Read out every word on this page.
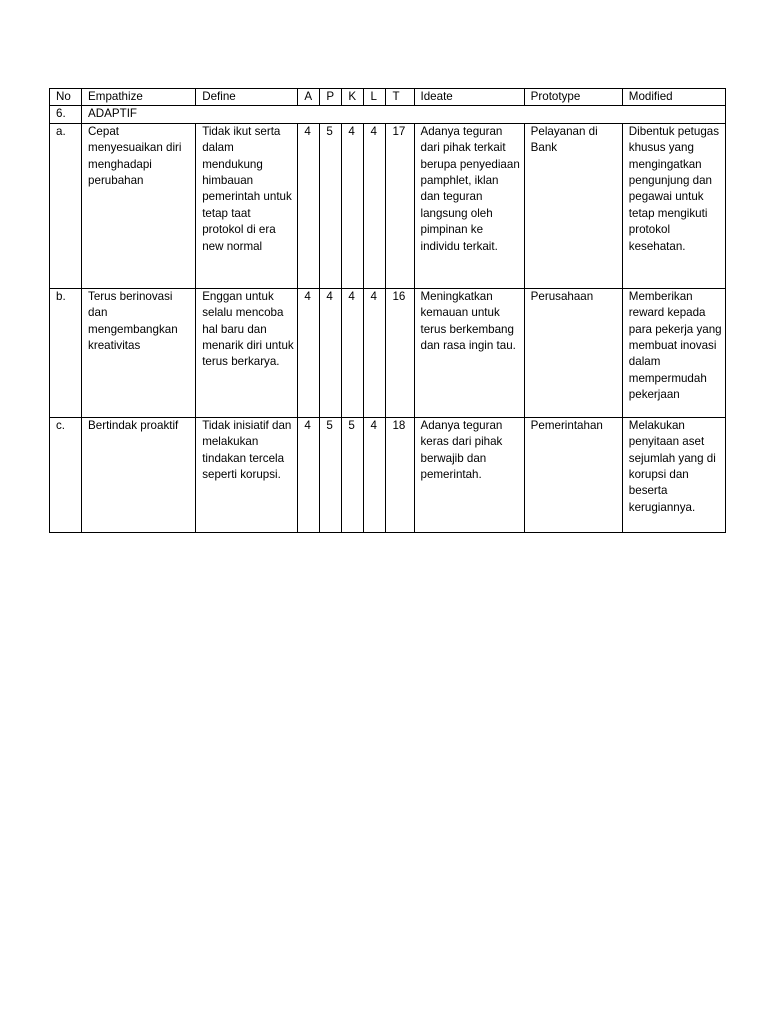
No	Empathize	Define	A	P	K	L	T	Ideate	Prototype	Modified
6.	ADAPTIF									
a.	Cepat menyesuaikan diri menghadapi perubahan	Tidak ikut serta dalam mendukung himbauan pemerintah untuk tetap taat protokol di era new normal	4	5	4	4	17	Adanya teguran dari pihak terkait berupa penyediaan pamphlet, iklan dan teguran langsung oleh pimpinan ke individu terkait.	Pelayanan di Bank	Dibentuk petugas khusus yang mengingatkan pengunjung dan pegawai untuk tetap mengikuti protokol kesehatan.
b.	Terus berinovasi dan mengembangkan kreativitas	Enggan untuk selalu mencoba hal baru dan menarik diri untuk terus berkarya.	4	4	4	4	16	Meningkatkan kemauan untuk terus berkembang dan rasa ingin tau.	Perusahaan	Memberikan reward kepada para pekerja yang membuat inovasi dalam mempermudah pekerjaan
c.	Bertindak proaktif	Tidak inisiatif dan melakukan tindakan tercela seperti korupsi.	4	5	5	4	18	Adanya teguran keras dari pihak berwajib dan pemerintah.	Pemerintahan	Melakukan penyitaan aset sejumlah yang di korupsi dan beserta kerugiannya.
